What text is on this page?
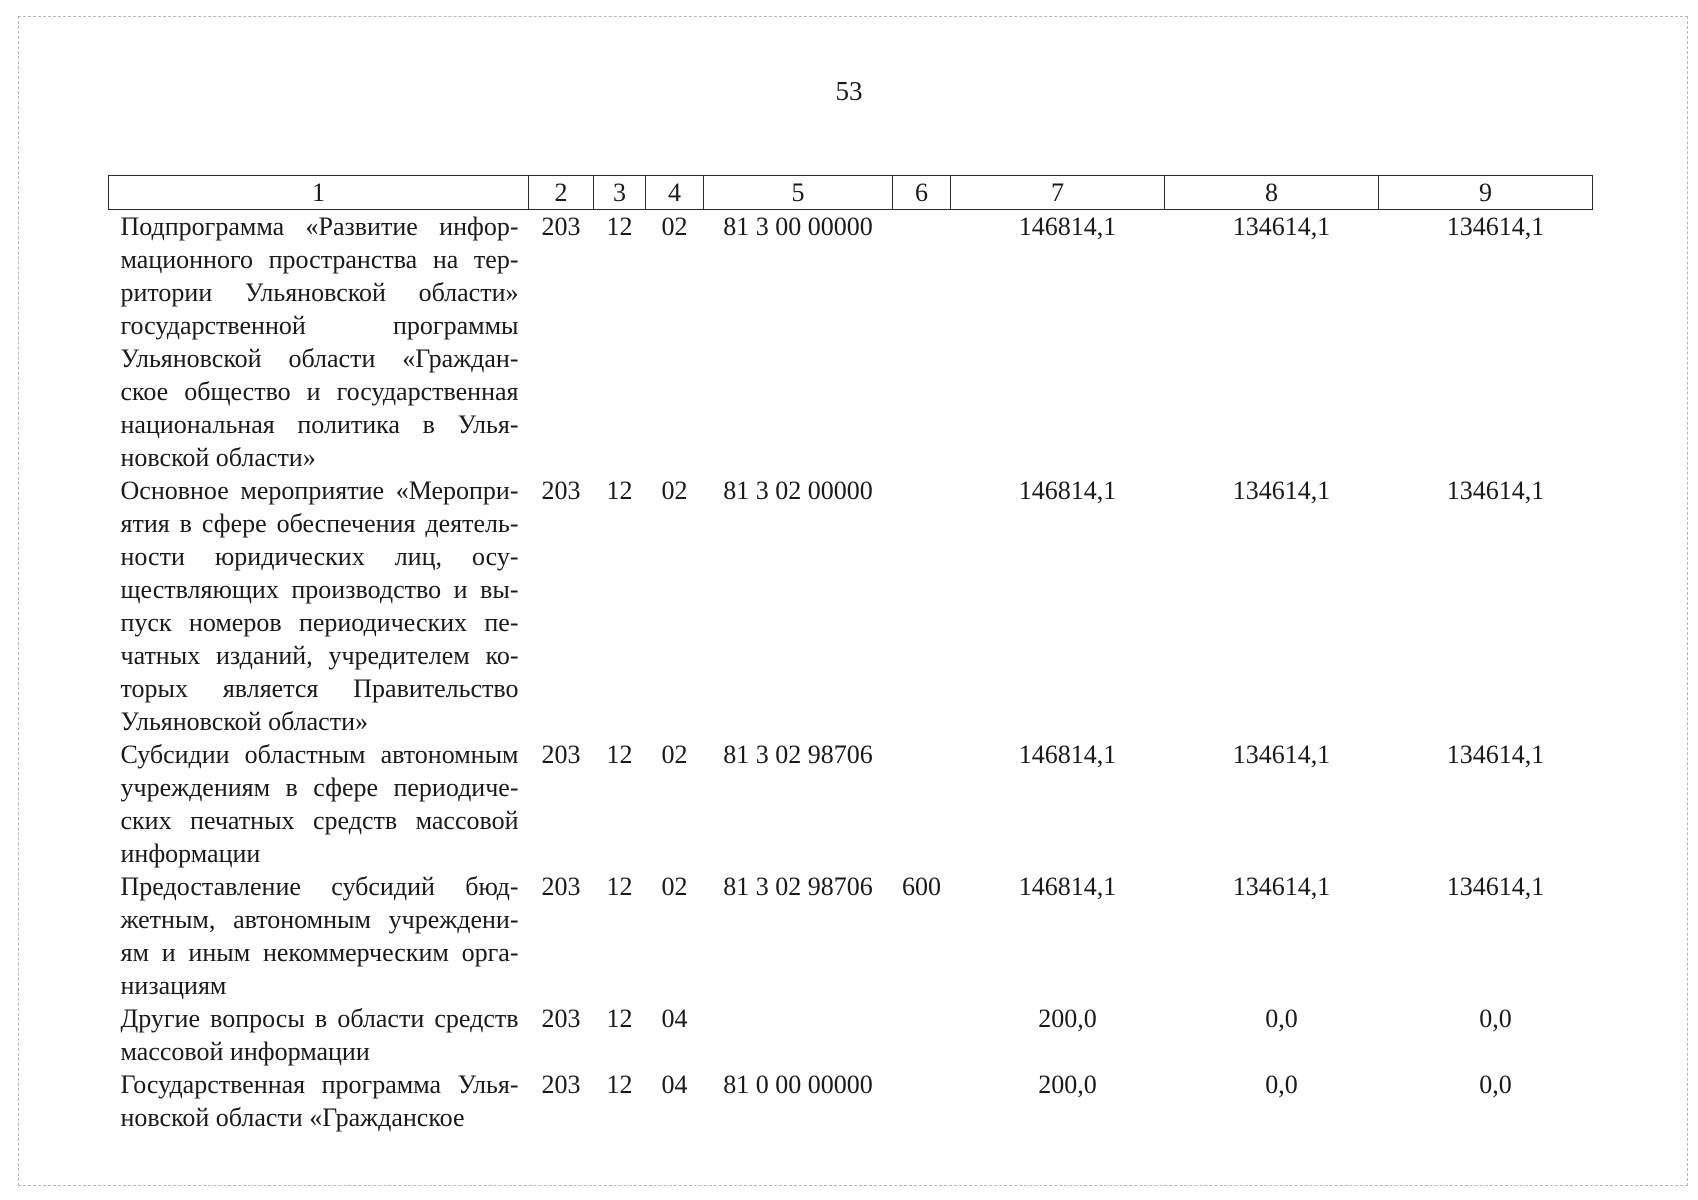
53
1	2	3	4	5	6	7	8	9
Подпрограмма «Развитие инфор-мационного пространства на тер-ритории Ульяновской области» государственной программы Ульяновской области «Граждан-ское общество и государственная национальная политика в Улья-новской области»	203	12	02	81 3 00 00000		146814,1	134614,1	134614,1
Основное мероприятие «Меропри-ятия в сфере обеспечения деятель-ности юридических лиц, осу-ществляющих производство и вы-пуск номеров периодических пе-чатных изданий, учредителем ко-торых является Правительство Ульяновской области»	203	12	02	81 3 02 00000		146814,1	134614,1	134614,1
Субсидии областным автономным учреждениям в сфере периодиче-ских печатных средств массовой информации	203	12	02	81 3 02 98706		146814,1	134614,1	134614,1
Предоставление субсидий бюд-жетным, автономным учреждени-ям и иным некоммерческим орга-низациям	203	12	02	81 3 02 98706	600	146814,1	134614,1	134614,1
Другие вопросы в области средств массовой информации	203	12	04			200,0	0,0	0,0
Государственная программа Улья-новской области «Гражданское	203	12	04	81 0 00 00000		200,0	0,0	0,0
